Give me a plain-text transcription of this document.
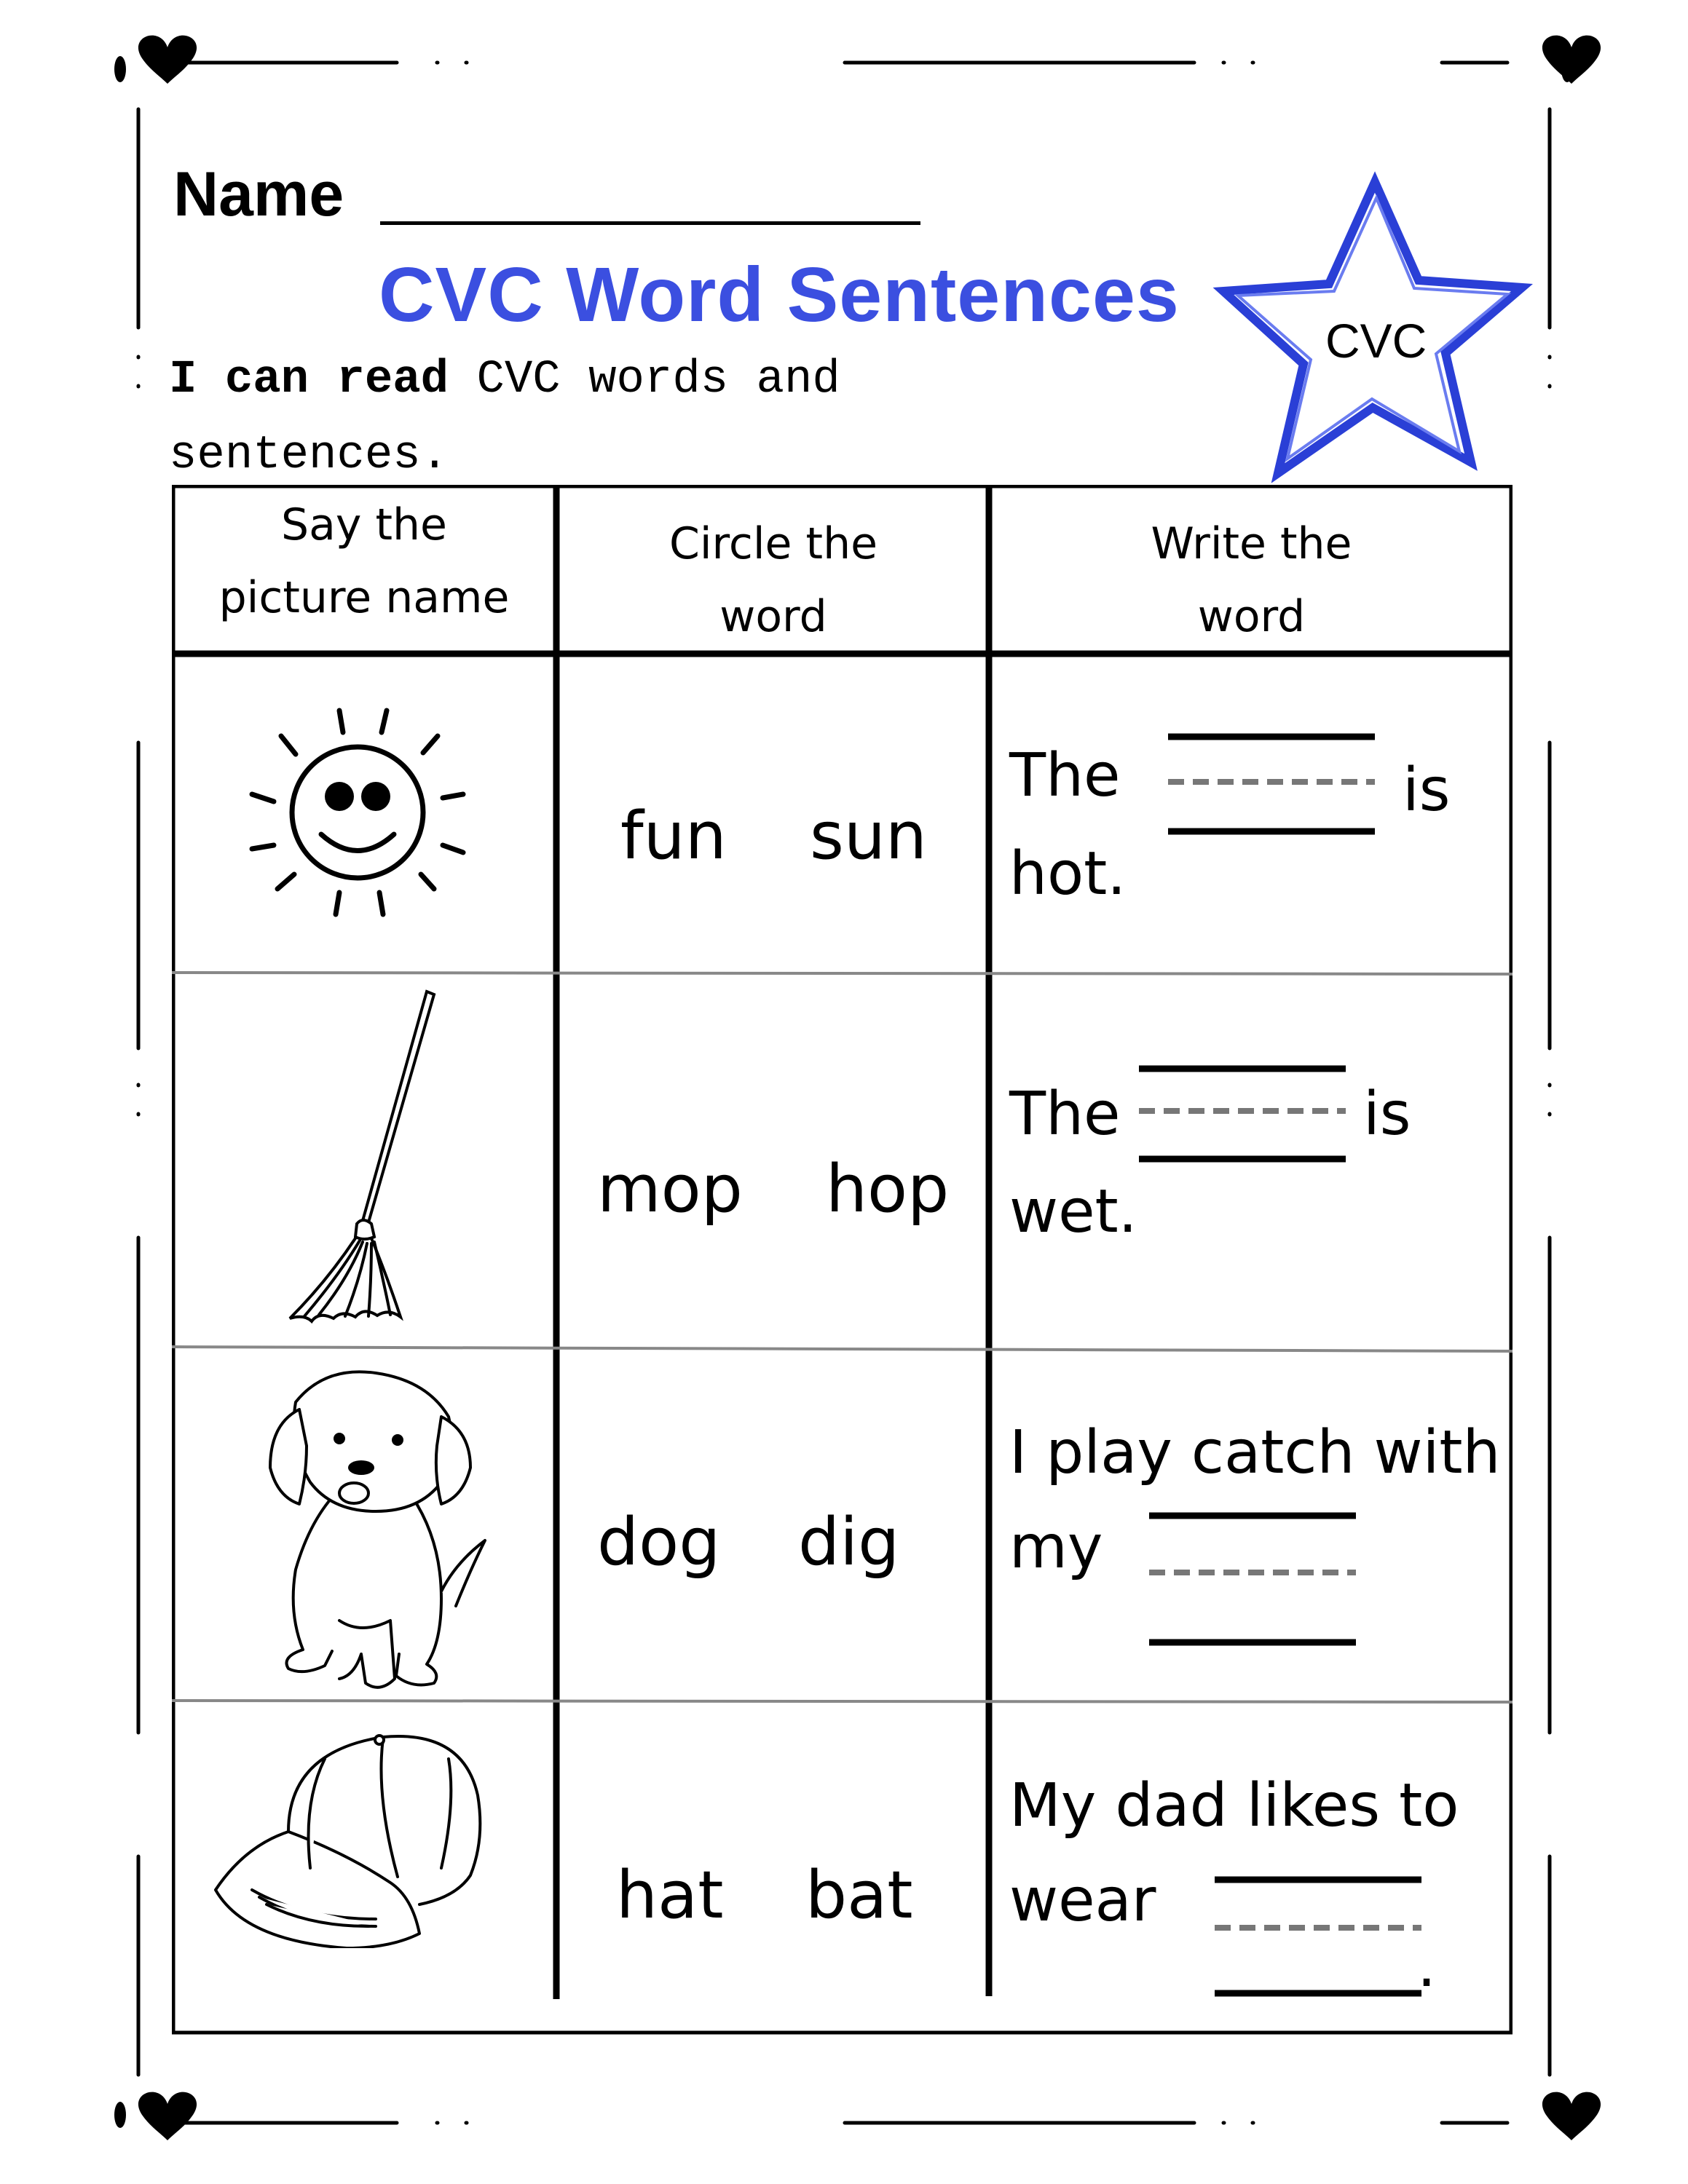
Name
CVC Word Sentences
I can read CVC words and sentences.
CVC
Say the
picture name
Circle the
word
Write the
word
fun sun
The	is
hot.
mop hop
The	is
wet.
dog dig
I play catch with
my
hat bat
My dad likes to
wear
.
